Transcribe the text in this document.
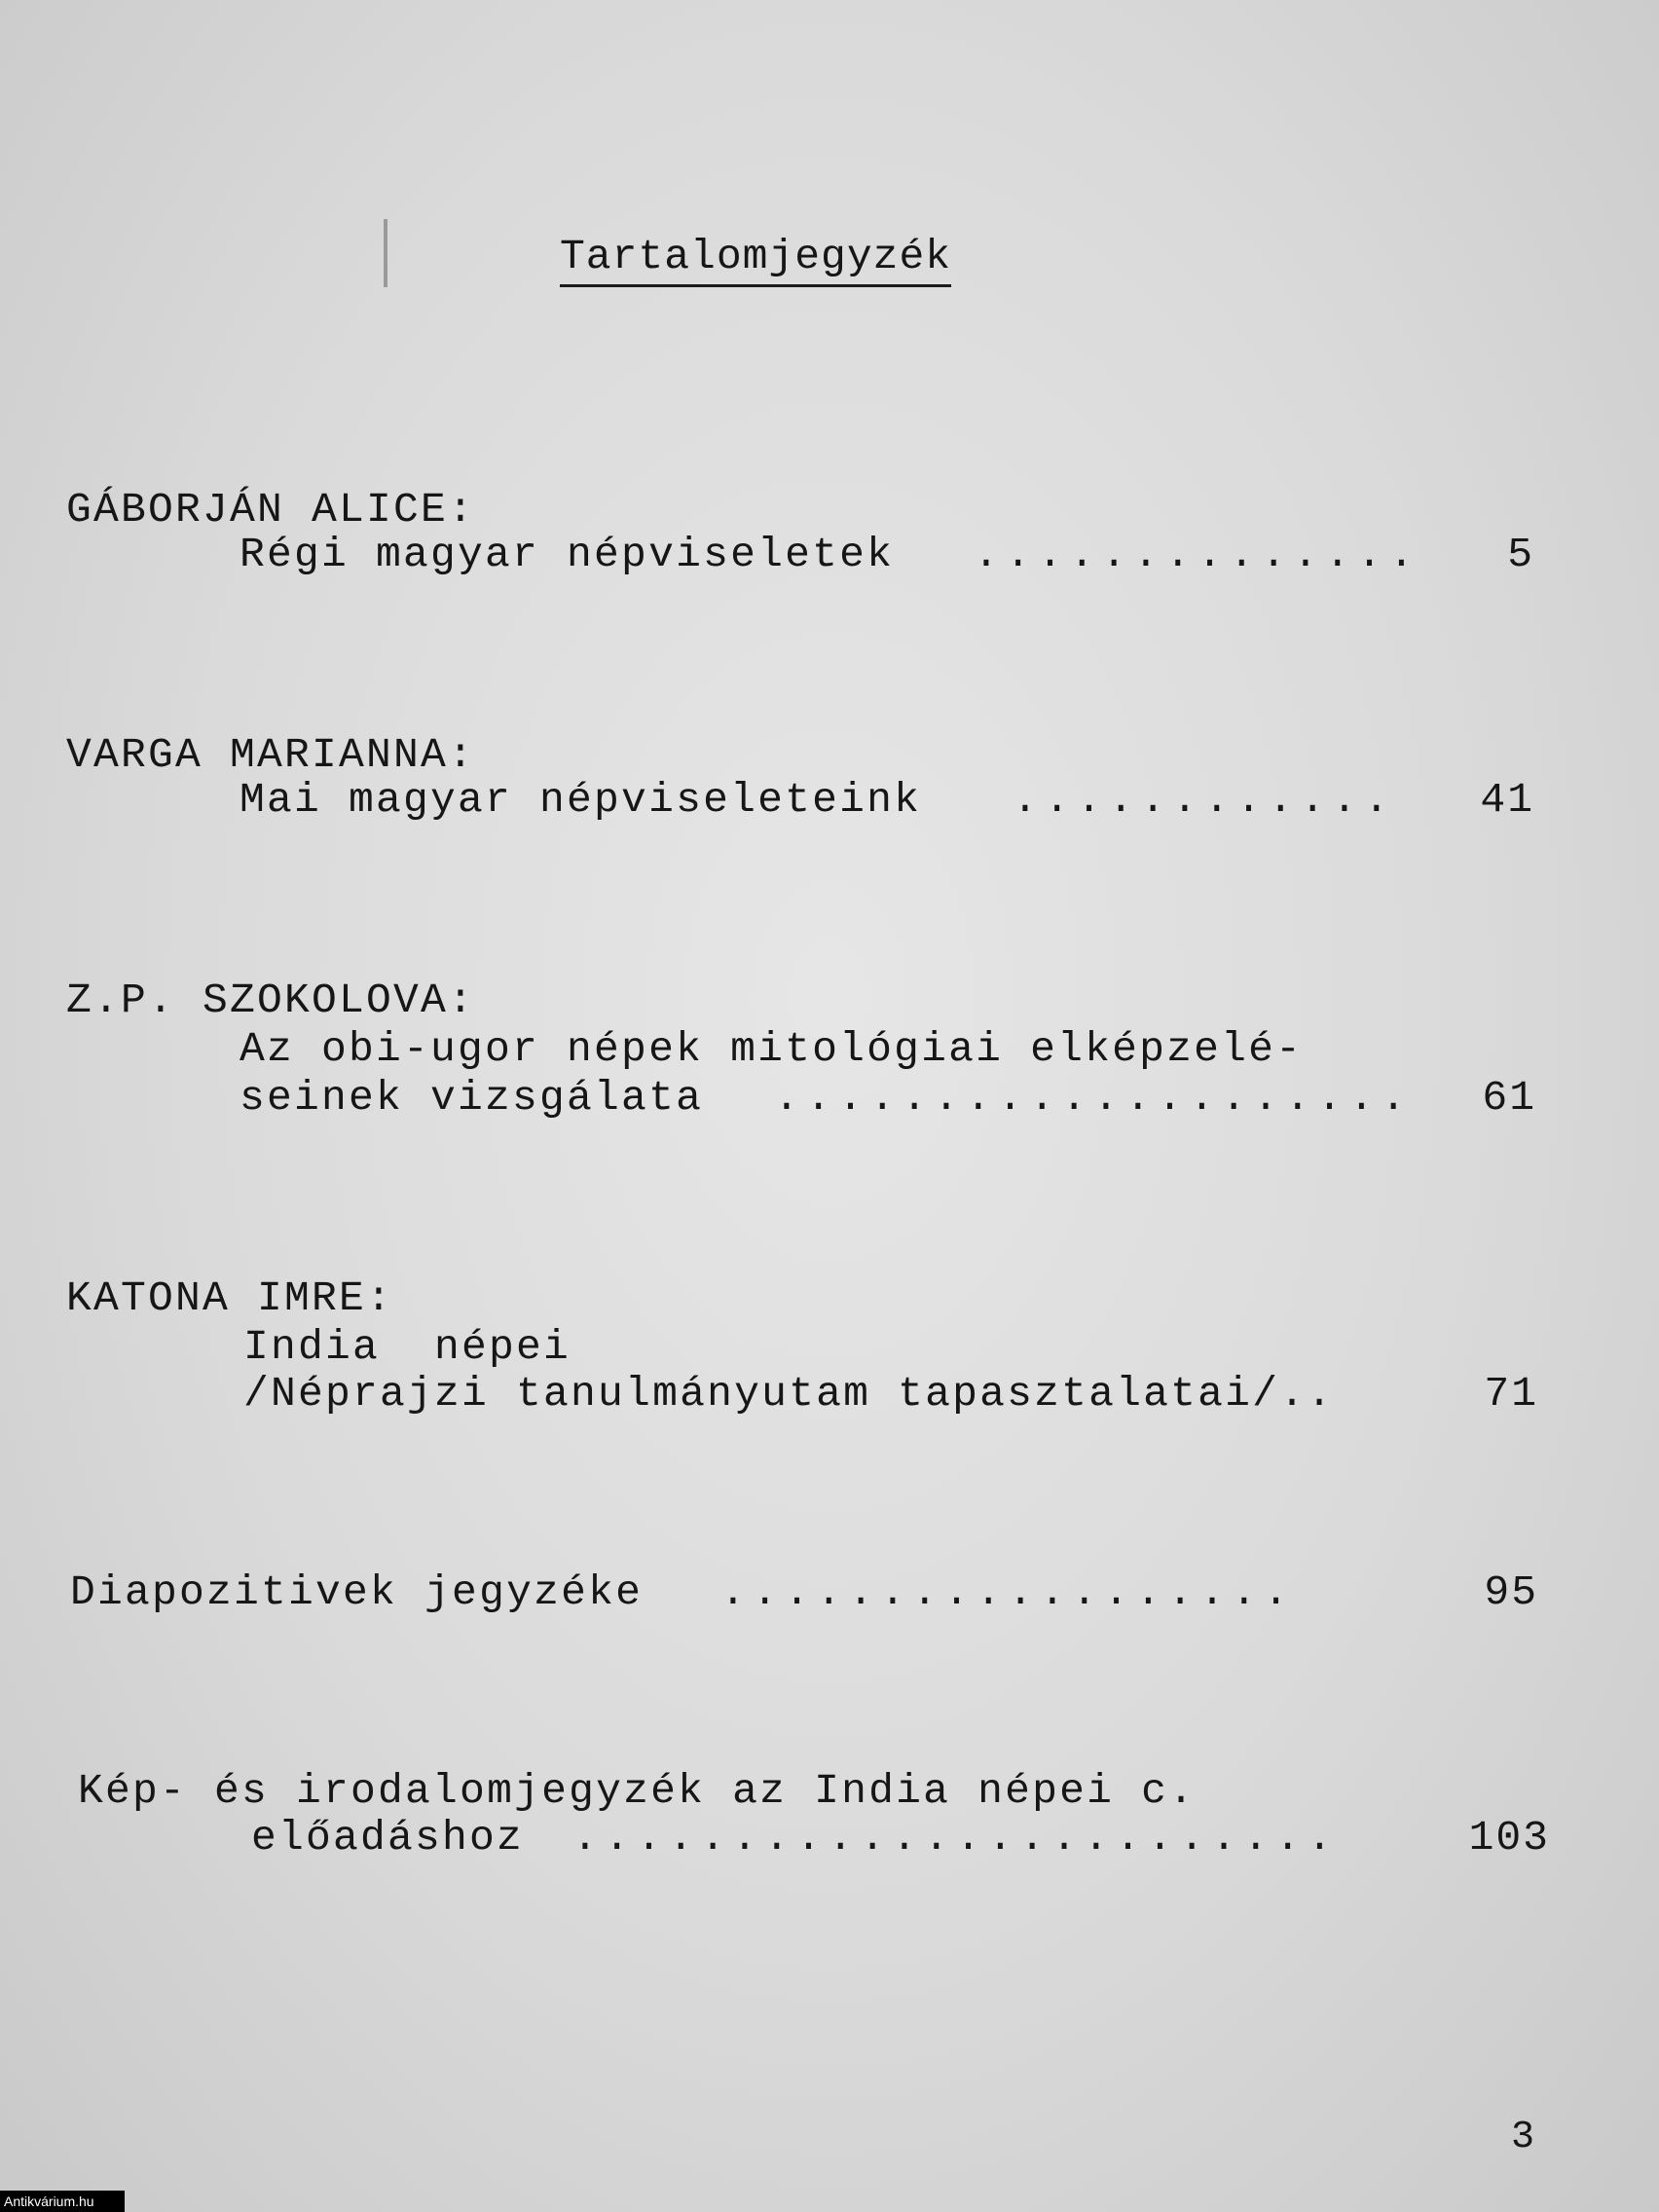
Tartalomjegyzék
GÁBORJÁN ALICE:
Régi magyar népviseletek ..............	5
VARGA MARIANNA:
Mai magyar népviseleteink ............	41
Z.P. SZOKOLOVA:
Az obi-ugor népek mitológiai elképzelé-
seinek vizsgálata ....................	61
KATONA IMRE:
India  népei
/Néprajzi tanulmányutam tapasztalatai/..	71
Diapozitivek jegyzéke ..................	95
Kép- és irodalomjegyzék az India népei c.
előadáshoz ........................	103
3
Antikvárium.hu
